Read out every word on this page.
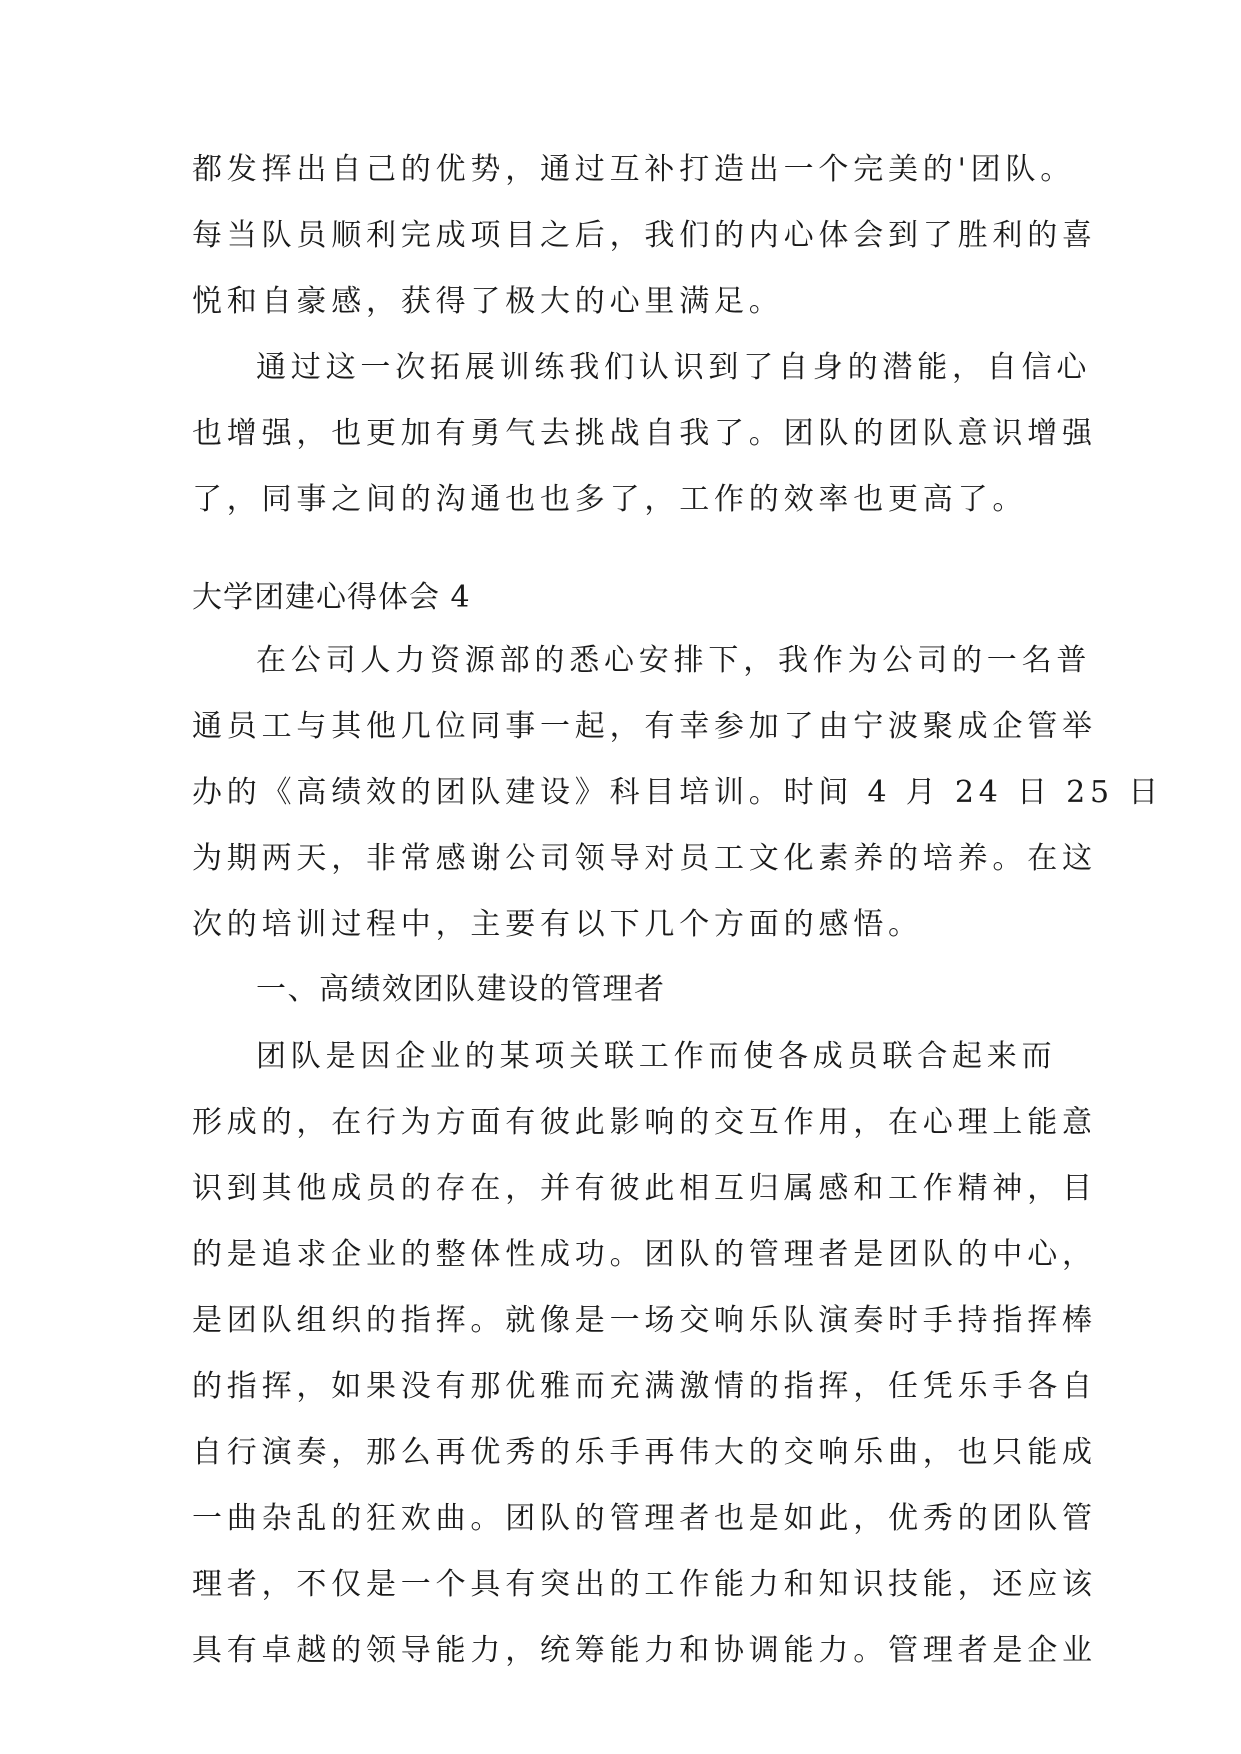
都发挥出自己的优势，通过互补打造出一个完美的'团队。
每当队员顺利完成项目之后，我们的内心体会到了胜利的喜
悦和自豪感，获得了极大的心里满足。
通过这一次拓展训练我们认识到了自身的潜能，自信心
也增强，也更加有勇气去挑战自我了。团队的团队意识增强
了，同事之间的沟通也也多了，工作的效率也更高了。
大学团建心得体会 4
在公司人力资源部的悉心安排下，我作为公司的一名普
通员工与其他几位同事一起，有幸参加了由宁波聚成企管举
办的《高绩效的团队建设》科目培训。时间 4 月 24 日 25 日
为期两天，非常感谢公司领导对员工文化素养的培养。在这
次的培训过程中，主要有以下几个方面的感悟。
一、高绩效团队建设的管理者
团队是因企业的某项关联工作而使各成员联合起来而
形成的，在行为方面有彼此影响的交互作用，在心理上能意
识到其他成员的存在，并有彼此相互归属感和工作精神，目
的是追求企业的整体性成功。团队的管理者是团队的中心，
是团队组织的指挥。就像是一场交响乐队演奏时手持指挥棒
的指挥，如果没有那优雅而充满激情的指挥，任凭乐手各自
自行演奏，那么再优秀的乐手再伟大的交响乐曲，也只能成
一曲杂乱的狂欢曲。团队的管理者也是如此，优秀的团队管
理者，不仅是一个具有突出的工作能力和知识技能，还应该
具有卓越的领导能力，统筹能力和协调能力。管理者是企业
